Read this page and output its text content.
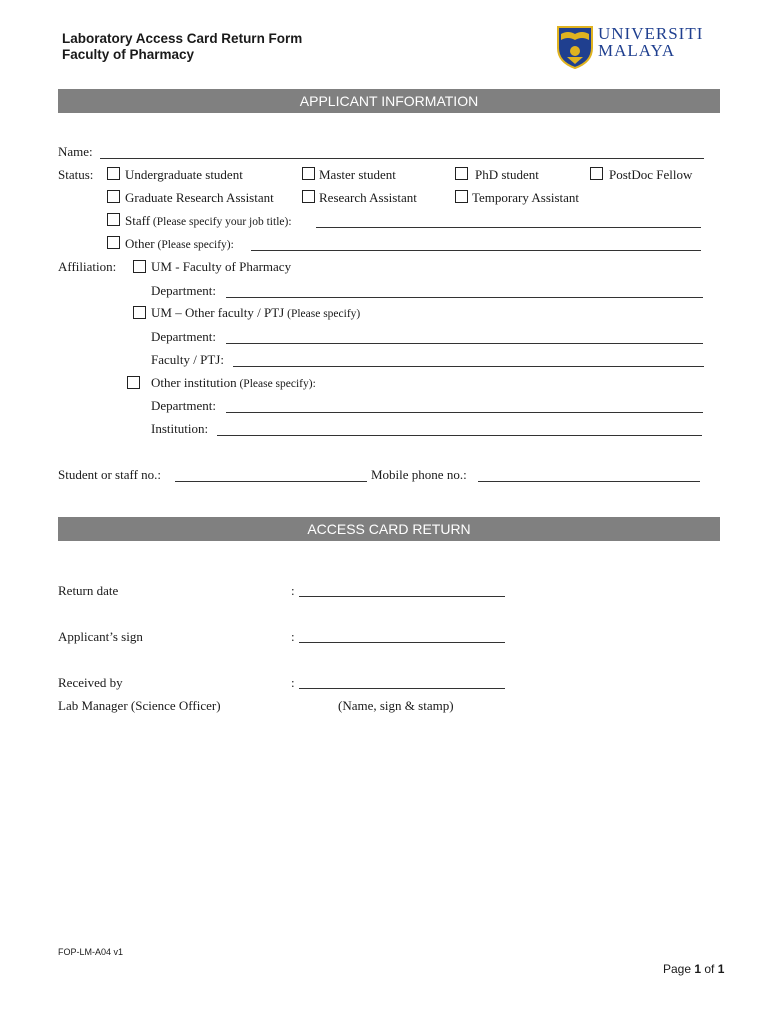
Laboratory Access Card Return Form
Faculty of Pharmacy
UNIVERSITI
MALAYA
APPLICANT INFORMATION
Name:
Status: Undergraduate student	Master student	PhD student	PostDoc Fellow
Graduate Research Assistant	Research Assistant	Temporary Assistant
Staff (Please specify your job title):
Other (Please specify):
Affiliation:	UM - Faculty of Pharmacy
Department:
UM – Other faculty / PTJ (Please specify)
Department:
Faculty / PTJ:
Other institution (Please specify):
Department:
Institution:
Student or staff no.:	Mobile phone no.:
ACCESS CARD RETURN
Return date	:
Applicant’s sign	:
Received by	:
Lab Manager (Science Officer)	(Name, sign & stamp)
FOP-LM-A04 v1
Page 1 of 1
